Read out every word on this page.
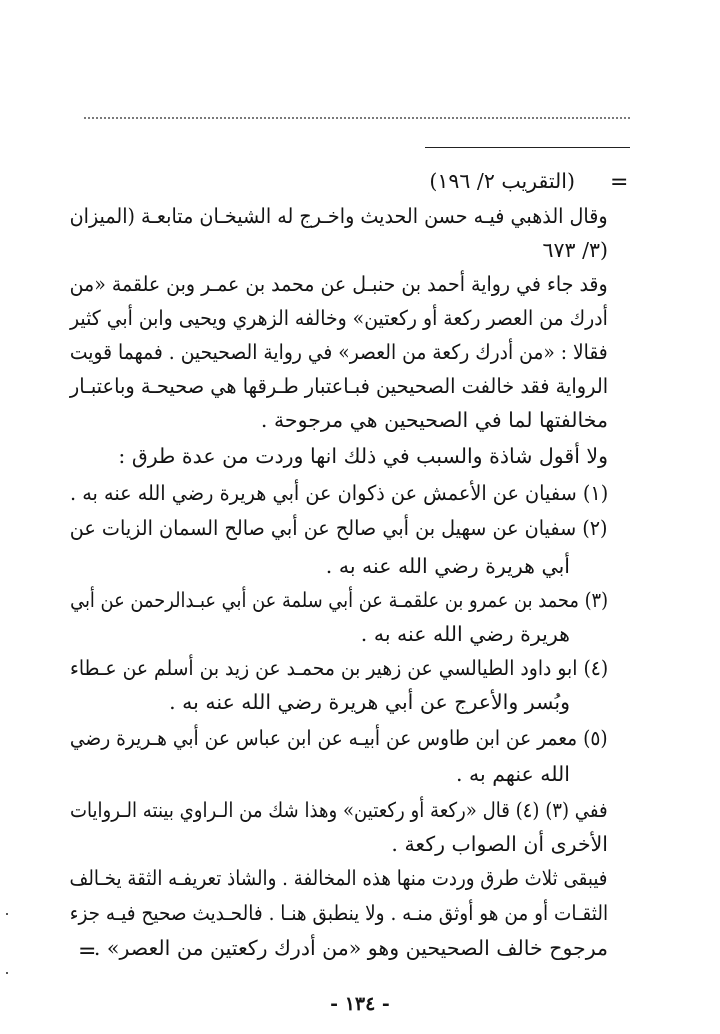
=
=
(التقريب ٢/ ١٩٦)
وقال الذهبي فيـه حسن الحديث واخـرج له الشيخـان متابعـة (الميزان
٣/ ٦٧٣)
وقد جاء في رواية أحمد بن حنبـل عن محمد بن عمـر وبن علقمة «من
أدرك من العصر ركعة أو ركعتين» وخالفه الزهري ويحيى وابن أبي كثير
فقالا : «من أدرك ركعة من العصر» في رواية الصحيحين . فمهما قويت
الرواية فقد خالفت الصحيحين فبـاعتبار طـرقها هي صحيحـة وباعتبـار
مخالفتها لما في الصحيحين هي مرجوحة .
ولا أقول شاذة والسبب في ذلك انها وردت من عدة طرق :
(١) سفيان عن الأعمش عن ذكوان عن أبي هريرة رضي الله عنه به .
(٢) سفيان عن سهيل بن أبي صالح عن أبي صالح السمان الزيات عن
أبي هريرة رضي الله عنه به .
(٣) محمد بن عمرو بن علقمـة عن أبي سلمة عن أبي عبـدالرحمن عن أبي
هريرة رضي الله عنه به .
(٤) ابو داود الطيالسي عن زهير بن محمـد عن زيد بن أسلم عن عـطاء
وبُسر والأعرج عن أبي هريرة رضي الله عنه به .
(٥) معمر عن ابن طاوس عن أبيـه عن ابن عباس عن أبي هـريرة رضي
الله عنهم به .
ففي (٣) (٤) قال «ركعة أو ركعتين» وهذا شك من الـراوي بينته الـروايات
الأخرى أن الصواب ركعة .
فيبقى ثلاث طرق وردت منها هذه المخالفة . والشاذ تعريفـه الثقة يخـالف
الثقـات أو من هو أوثق منـه . ولا ينطبق هنـا . فالحـديث صحيح فيـه جزء
مرجوح خالف الصحيحين وهو «من أدرك ركعتين من العصر» .
- ١٣٤ -
